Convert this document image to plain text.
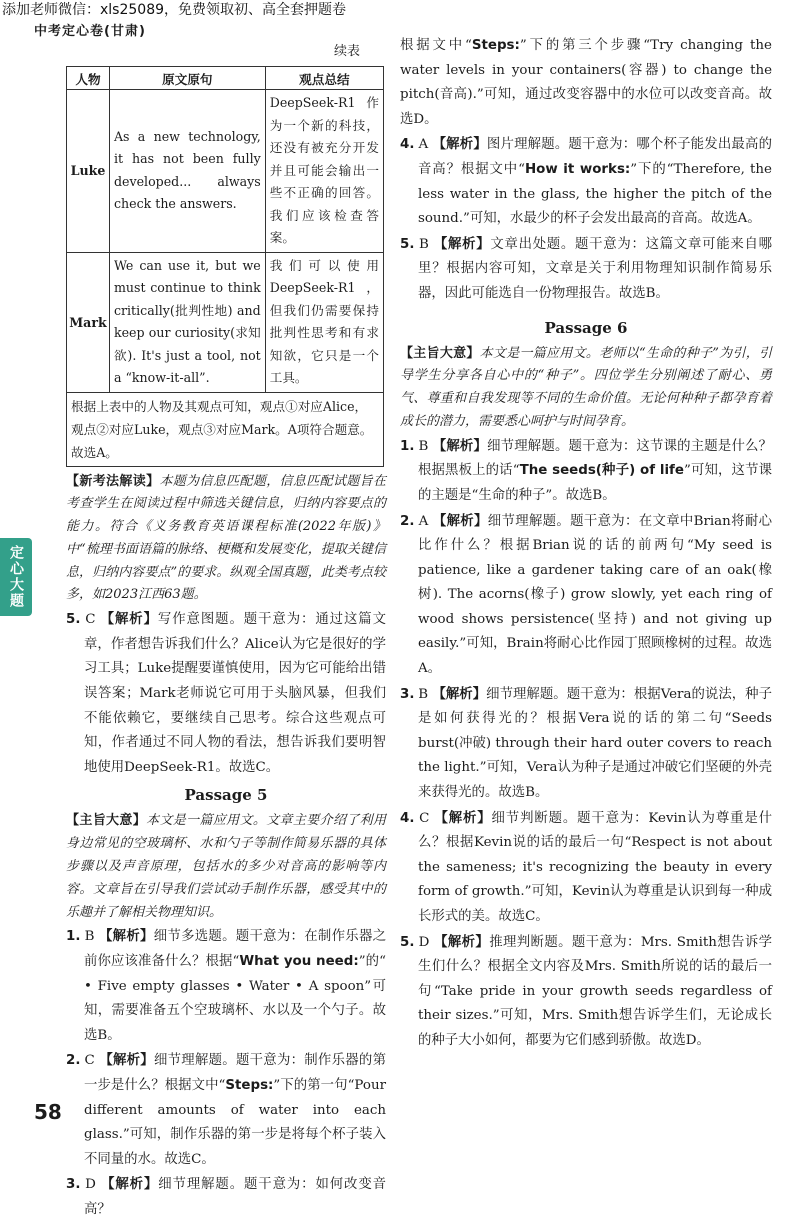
添加老师微信：xls25089，免费领取初、高全套押题卷
中考定心卷(甘肃)
续表
人物	原文原句	观点总结
Luke	As a new technology, it has not been fully developed... always check the answers.	DeepSeek-R1作为一个新的科技，还没有被充分开发并且可能会输出一些不正确的回答。我们应该检查答案。
Mark	We can use it, but we must continue to think critically(批判性地) and keep our curiosity(求知欲). It's just a tool, not a “know-it-all”.	我们可以使用DeepSeek-R1，但我们仍需要保持批判性思考和有求知欲，它只是一个工具。
根据上表中的人物及其观点可知，观点①对应Alice，观点②对应Luke，观点③对应Mark。A项符合题意。故选A。		

【新考法解读】本题为信息匹配题，信息匹配试题旨在考查学生在阅读过程中筛选关键信息，归纳内容要点的能力。符合《义务教育英语课程标准(2022年版)》中“梳理书面语篇的脉络、梗概和发展变化，提取关键信息，归纳内容要点”的要求。纵观全国真题，此类考点较多，如2023江西63题。

5. C 【解析】写作意图题。题干意为：通过这篇文章，作者想告诉我们什么？Alice认为它是很好的学习工具；Luke提醒要谨慎使用，因为它可能给出错误答案；Mark老师说它可用于头脑风暴，但我们不能依赖它，要继续自己思考。综合这些观点可知，作者通过不同人物的看法，想告诉我们要明智地使用DeepSeek-R1。故选C。

Passage 5

【主旨大意】本文是一篇应用文。文章主要介绍了利用身边常见的空玻璃杯、水和勺子等制作简易乐器的具体步骤以及声音原理，包括水的多少对音高的影响等内容。文章旨在引导我们尝试动手制作乐器，感受其中的乐趣并了解相关物理知识。

1. B 【解析】细节多选题。题干意为：在制作乐器之前你应该准备什么？根据“What you need:”的“ • Five empty glasses • Water • A spoon”可知，需要准备五个空玻璃杯、水以及一个勺子。故选B。

2. C 【解析】细节理解题。题干意为：制作乐器的第一步是什么？根据文中“Steps:”下的第一句“Pour different amounts of water into each glass.”可知，制作乐器的第一步是将每个杯子装入不同量的水。故选C。

3. D 【解析】细节理解题。题干意为：如何改变音高？

定心大题

根据文中“Steps:”下的第三个步骤“Try changing the water levels in your containers(容器) to change the pitch(音高).”可知，通过改变容器中的水位可以改变音高。故选D。

4. A 【解析】图片理解题。题干意为：哪个杯子能发出最高的音高？根据文中“How it works:”下的“Therefore, the less water in the glass, the higher the pitch of the sound.”可知，水最少的杯子会发出最高的音高。故选A。

5. B 【解析】文章出处题。题干意为：这篇文章可能来自哪里？根据内容可知，文章是关于利用物理知识制作简易乐器，因此可能选自一份物理报告。故选B。

Passage 6

【主旨大意】本文是一篇应用文。老师以“生命的种子”为引，引导学生分享各自心中的“种子”。四位学生分别阐述了耐心、勇气、尊重和自我发现等不同的生命价值。无论何种种子都孕育着成长的潜力，需要悉心呵护与时间孕育。

1. B 【解析】细节理解题。题干意为：这节课的主题是什么？根据黑板上的话“The seeds(种子) of life”可知，这节课的主题是“生命的种子”。故选B。

2. A 【解析】细节理解题。题干意为：在文章中Brian将耐心比作什么？根据Brian说的话的前两句“My seed is patience, like a gardener taking care of an oak(橡树). The acorns(橡子) grow slowly, yet each ring of wood shows persistence(坚持) and not giving up easily.”可知，Brain将耐心比作园丁照顾橡树的过程。故选A。

3. B 【解析】细节理解题。题干意为：根据Vera的说法，种子是如何获得光的？根据Vera说的话的第二句“Seeds burst(冲破) through their hard outer covers to reach the light.”可知，Vera认为种子是通过冲破它们坚硬的外壳来获得光的。故选B。

4. C 【解析】细节判断题。题干意为：Kevin认为尊重是什么？根据Kevin说的话的最后一句“Respect is not about the sameness; it's recognizing the beauty in every form of growth.”可知，Kevin认为尊重是认识到每一种成长形式的美。故选C。

5. D 【解析】推理判断题。题干意为：Mrs. Smith想告诉学生们什么？根据全文内容及Mrs. Smith所说的话的最后一句“Take pride in your growth seeds regardless of their sizes.”可知，Mrs. Smith想告诉学生们，无论成长的种子大小如何，都要为它们感到骄傲。故选D。

58
